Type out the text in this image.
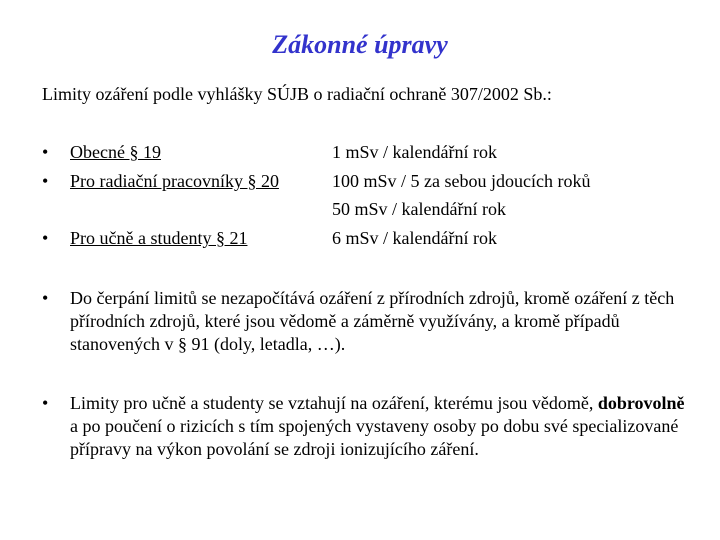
Zákonné úpravy
Limity ozáření podle vyhlášky SÚJB o radiační ochraně 307/2002 Sb.:
• Obecné § 19	1 mSv / kalendářní rok
• Pro radiační pracovníky § 20	100 mSv / 5 za sebou jdoucích roků
50 mSv / kalendářní rok
• Pro učně a studenty § 21	6 mSv / kalendářní rok
• Do čerpání limitů se nezapočítává ozáření z přírodních zdrojů, kromě ozáření z těch přírodních zdrojů, které jsou vědomě a záměrně využívány, a kromě případů stanovených v § 91 (doly, letadla, …).
• Limity pro učně a studenty se vztahují na ozáření, kterému jsou vědomě, dobrovolně a po poučení o rizicích s tím spojených vystaveny osoby po dobu své specializované přípravy na výkon povolání se zdroji ionizujícího záření.
